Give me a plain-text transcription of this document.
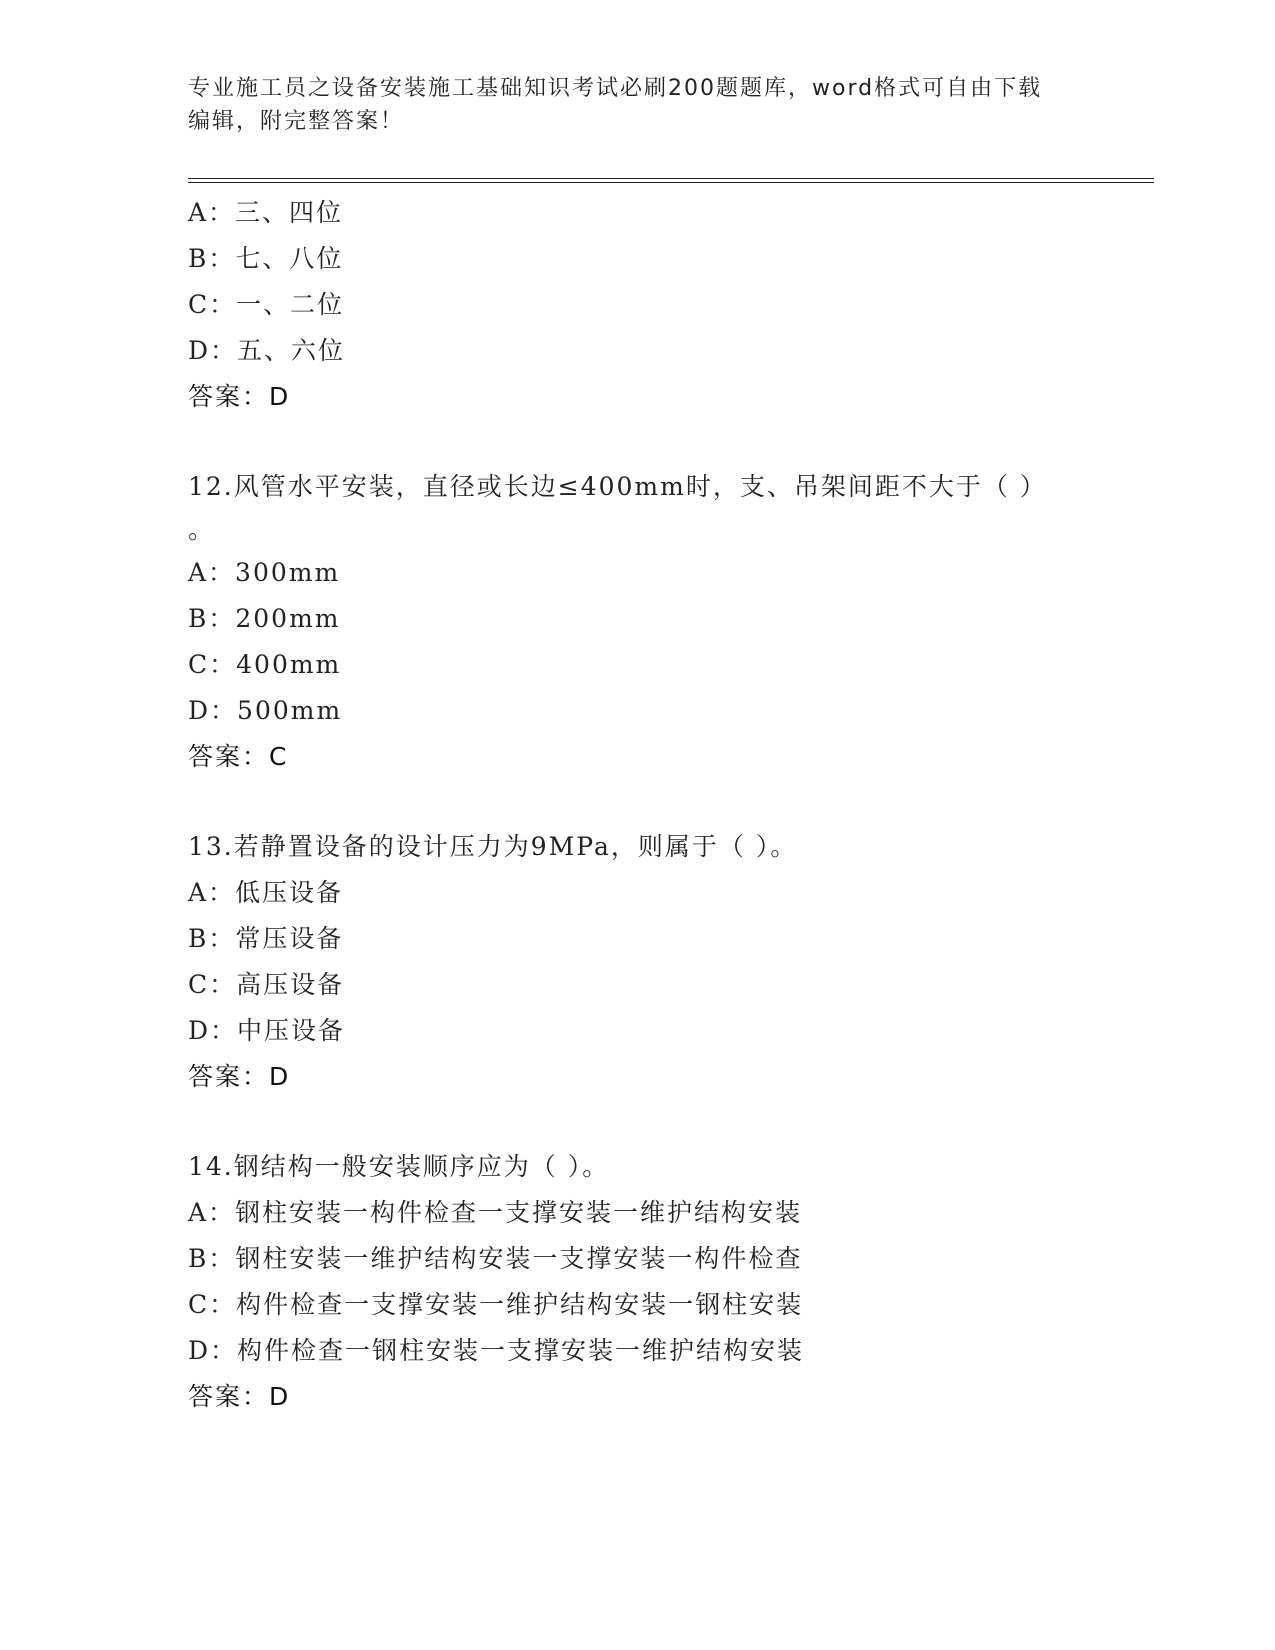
专业施工员之设备安装施工基础知识考试必刷200题题库，word格式可自由下载
编辑，附完整答案！
A：三、四位
B：七、八位
C：一、二位
D：五、六位
答案：D
12.风管水平安装，直径或长边≤400mm时，支、吊架间距不大于（ ）
。
A：300mm
B：200mm
C：400mm
D：500mm
答案：C
13.若静置设备的设计压力为9MPa，则属于（ ）。
A：低压设备
B：常压设备
C：高压设备
D：中压设备
答案：D
14.钢结构一般安装顺序应为（ ）。
A：钢柱安装一构件检查一支撑安装一维护结构安装
B：钢柱安装一维护结构安装一支撑安装一构件检查
C：构件检查一支撑安装一维护结构安装一钢柱安装
D：构件检查一钢柱安装一支撑安装一维护结构安装
答案：D
